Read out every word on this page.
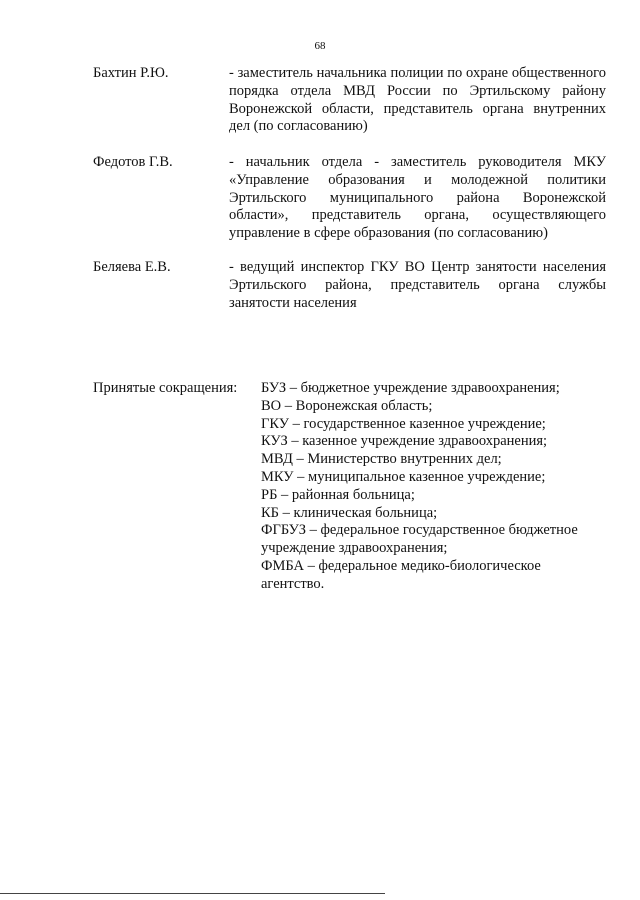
68
Бахтин Р.Ю.	- заместитель начальника полиции по охране общественного порядка отдела МВД России по Эртильскому району Воронежской области, представитель органа внутренних дел (по согласованию)
Федотов Г.В.	- начальник отдела - заместитель руководителя МКУ «Управление образования и молодежной политики Эртильского муниципального района Воронежской области», представитель органа, осуществляющего управление в сфере образования (по согласованию)
Беляева Е.В.	- ведущий инспектор ГКУ ВО Центр занятости населения Эртильского района, представитель органа службы занятости населения
Принятые сокращения: БУЗ – бюджетное учреждение здравоохранения;
ВО – Воронежская область;
ГКУ – государственное казенное учреждение;
КУЗ – казенное учреждение здравоохранения;
МВД – Министерство внутренних дел;
МКУ – муниципальное казенное учреждение;
РБ – районная больница;
КБ – клиническая больница;
ФГБУЗ – федеральное государственное бюджетное учреждение здравоохранения;
ФМБА – федеральное медико-биологическое агентство.
